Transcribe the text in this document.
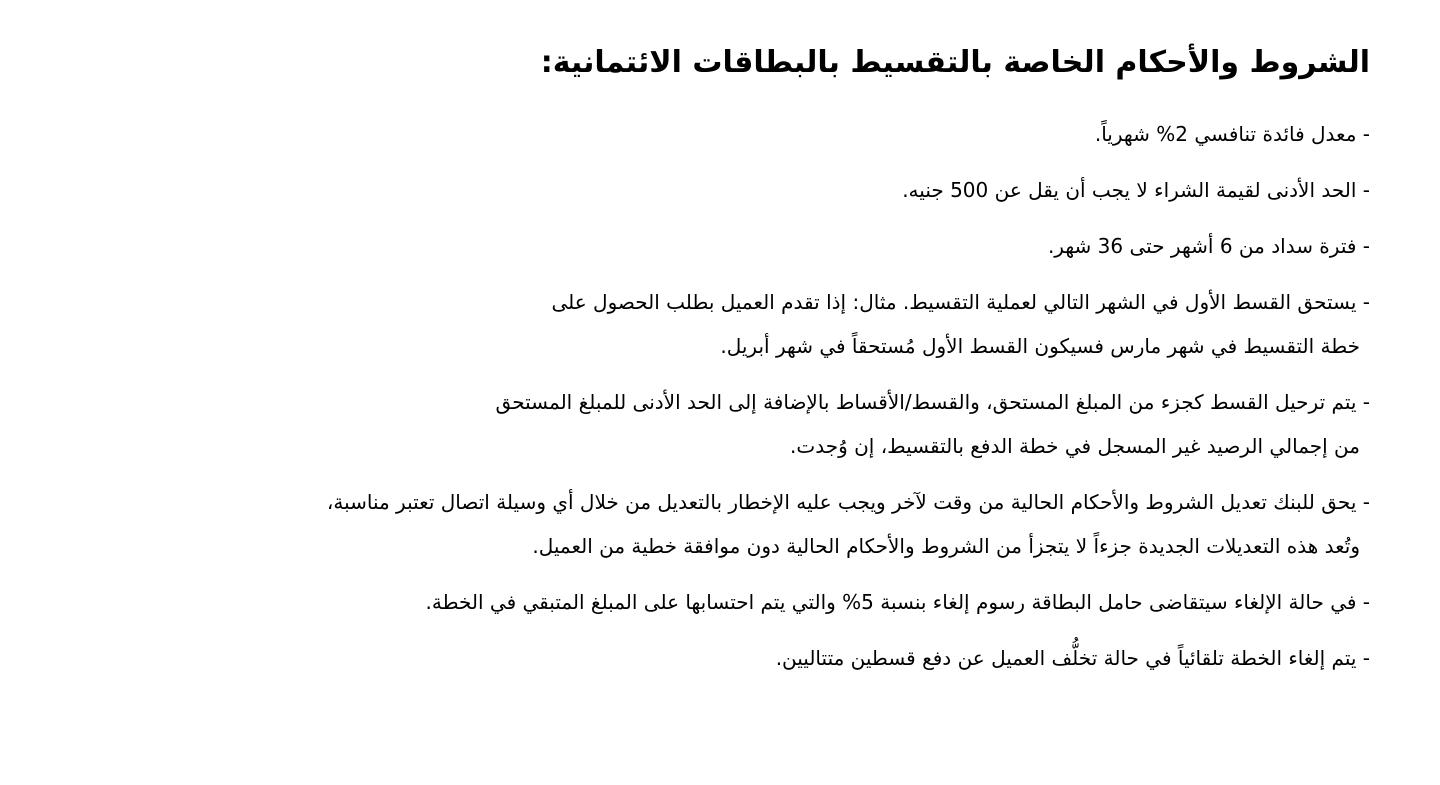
الشروط والأحكام الخاصة بالتقسيط بالبطاقات الائتمانية:
- معدل فائدة تنافسي 2% شهرياً.
- الحد الأدنى لقيمة الشراء لا يجب أن يقل عن 500 جنيه.
- فترة سداد من 6 أشهر حتى 36 شهر.
- يستحق القسط الأول في الشهر التالي لعملية التقسيط. مثال: إذا تقدم العميل بطلب الحصول على
خطة التقسيط في شهر مارس فسيكون القسط الأول مُستحقاً في شهر أبريل.
- يتم ترحيل القسط كجزء من المبلغ المستحق، والقسط/الأقساط بالإضافة إلى الحد الأدنى للمبلغ المستحق
من إجمالي الرصيد غير المسجل في خطة الدفع بالتقسيط، إن وُجدت.
- يحق للبنك تعديل الشروط والأحكام الحالية من وقت لآخر ويجب عليه الإخطار بالتعديل من خلال أي وسيلة اتصال تعتبر مناسبة،
وتُعد هذه التعديلات الجديدة جزءاً لا يتجزأ من الشروط والأحكام الحالية دون موافقة خطية من العميل.
- في حالة الإلغاء سيتقاضى حامل البطاقة رسوم إلغاء بنسبة 5% والتي يتم احتسابها على المبلغ المتبقي في الخطة.
- يتم إلغاء الخطة تلقائياً في حالة تخلُّف العميل عن دفع قسطين متتاليين.
